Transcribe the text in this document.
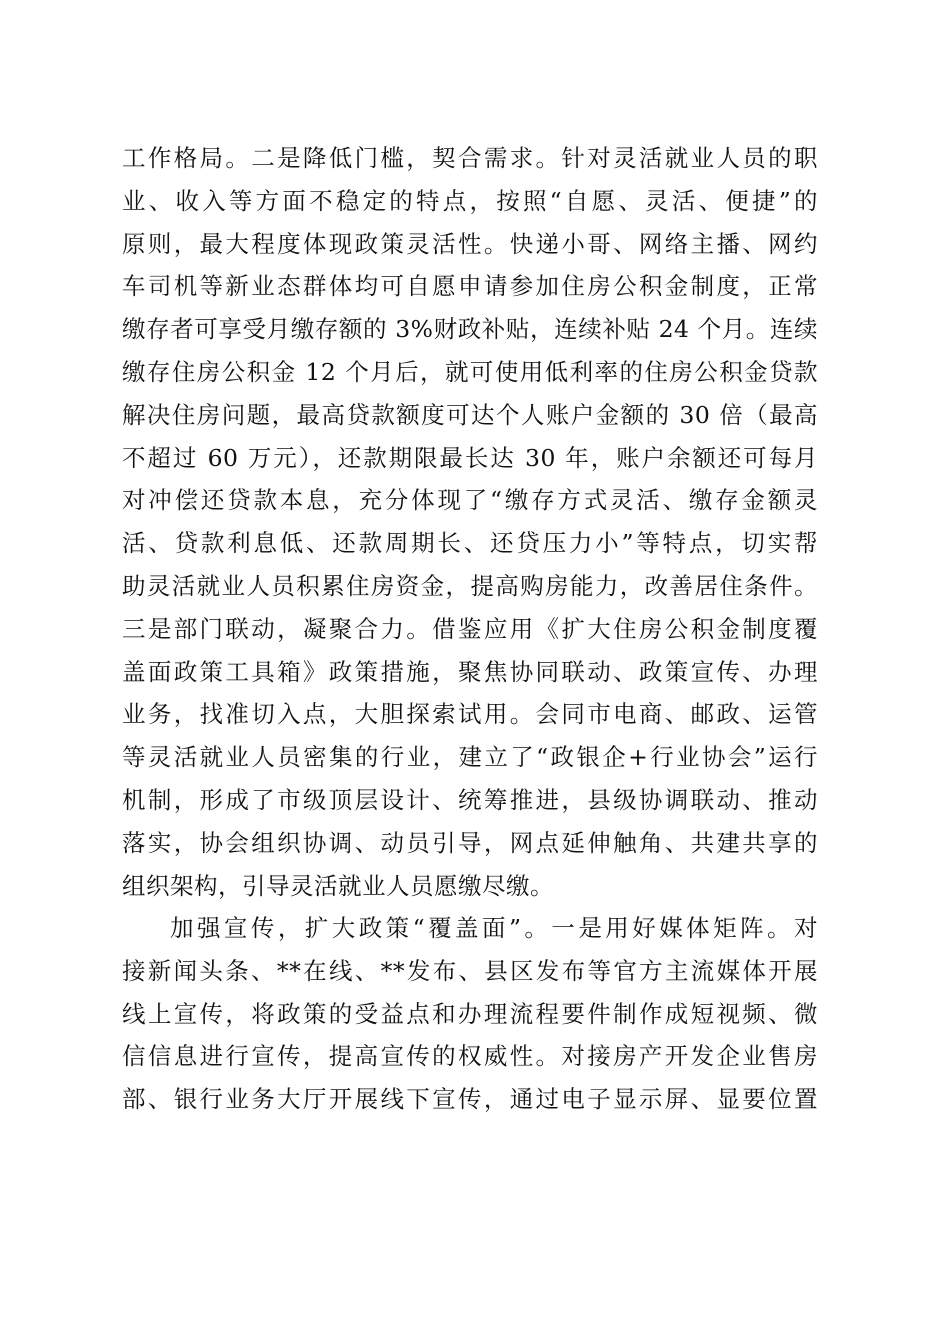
工作格局。二是降低门槛，契合需求。针对灵活就业人员的职
业、收入等方面不稳定的特点，按照“自愿、灵活、便捷”的
原则，最大程度体现政策灵活性。快递小哥、网络主播、网约
车司机等新业态群体均可自愿申请参加住房公积金制度，正常
缴存者可享受月缴存额的 3%财政补贴，连续补贴 24 个月。连续
缴存住房公积金 12 个月后，就可使用低利率的住房公积金贷款
解决住房问题，最高贷款额度可达个人账户金额的 30 倍（最高
不超过 60 万元），还款期限最长达 30 年，账户余额还可每月
对冲偿还贷款本息，充分体现了“缴存方式灵活、缴存金额灵
活、贷款利息低、还款周期长、还贷压力小”等特点，切实帮
助灵活就业人员积累住房资金，提高购房能力，改善居住条件。
三是部门联动，凝聚合力。借鉴应用《扩大住房公积金制度覆
盖面政策工具箱》政策措施，聚焦协同联动、政策宣传、办理
业务，找准切入点，大胆探索试用。会同市电商、邮政、运管
等灵活就业人员密集的行业，建立了“政银企+行业协会”运行
机制，形成了市级顶层设计、统筹推进，县级协调联动、推动
落实，协会组织协调、动员引导，网点延伸触角、共建共享的
组织架构，引导灵活就业人员愿缴尽缴。
加强宣传，扩大政策“覆盖面”。一是用好媒体矩阵。对
接新闻头条、**在线、**发布、县区发布等官方主流媒体开展
线上宣传，将政策的受益点和办理流程要件制作成短视频、微
信信息进行宣传，提高宣传的权威性。对接房产开发企业售房
部、银行业务大厅开展线下宣传，通过电子显示屏、显要位置
